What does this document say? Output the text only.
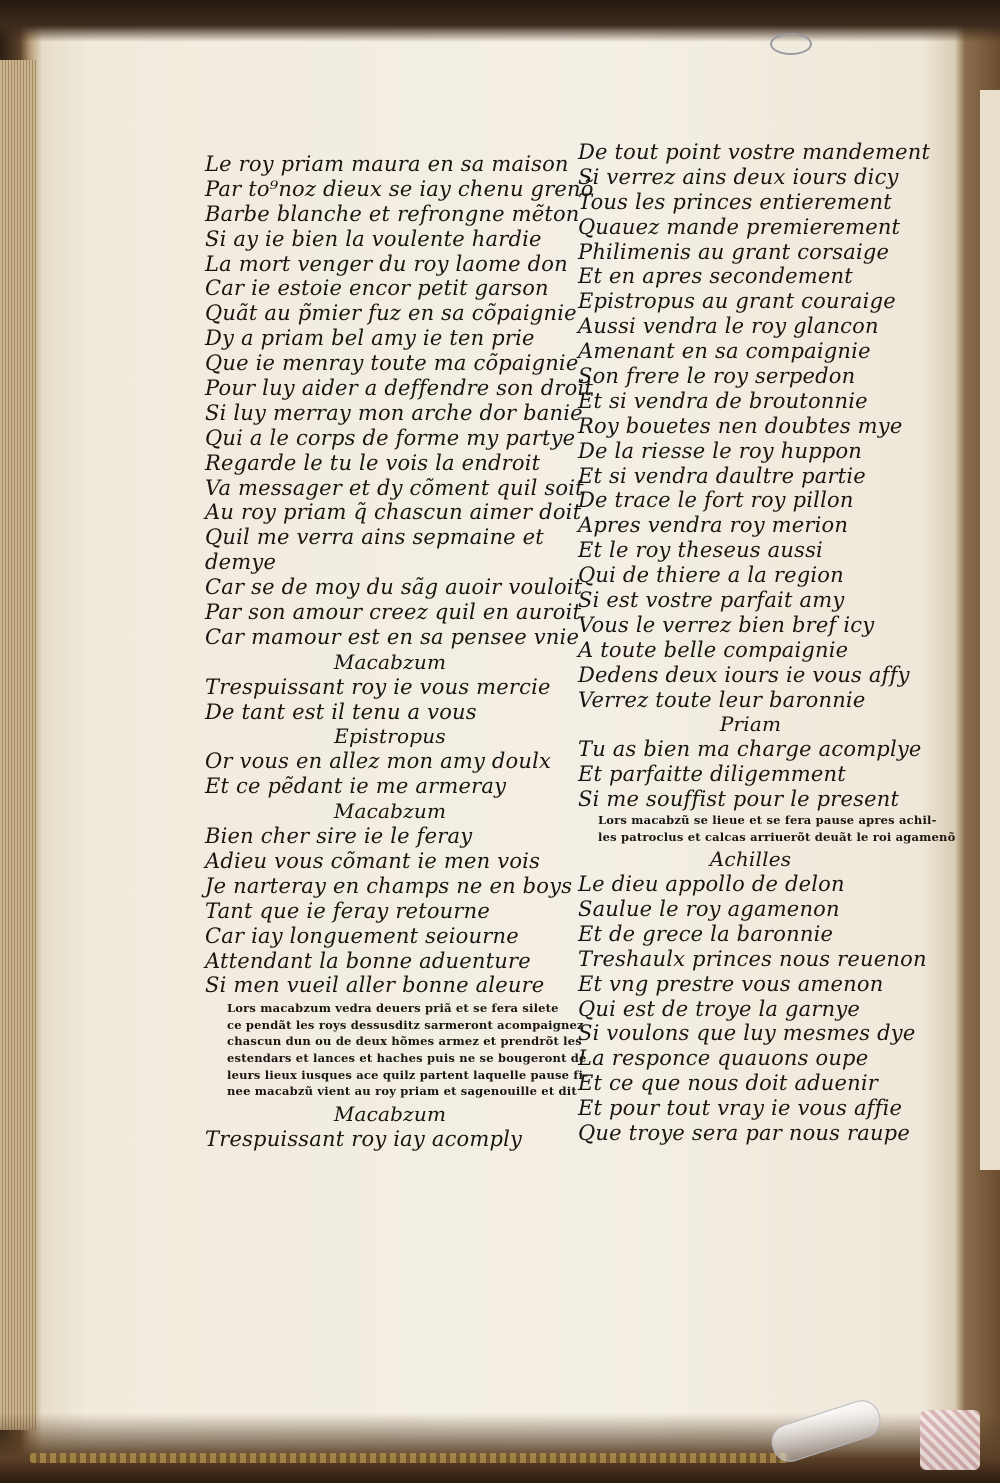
Le roy priam maura en sa maison
Par to⁹noz dieux se iay chenu grenõ
Barbe blanche et refrongne mẽton
Si ay ie bien la voulente hardie
La mort venger du roy laome don
Car ie estoie encor petit garson
Quãt au p̃mier fuz en sa cõpaignie
Dy a priam bel amy ie ten prie
Que ie menray toute ma cõpaignie
Pour luy aider a deffendre son droit
Si luy merray mon arche dor banie
Qui a le corps de forme my partye
Regarde le tu le vois la endroit
Va messager et dy cõment quil soit
Au roy priam q̃ chascun aimer doit
Quil me verra ains sepmaine et
demye
Car se de moy du sãg auoir vouloit
Par son amour creez quil en auroit
Car mamour est en sa pensee vnie
Macabzum
Trespuissant roy ie vous mercie
De tant est il tenu a vous
Epistropus
Or vous en allez mon amy doulx
Et ce pẽdant ie me armeray
Macabzum
Bien cher sire ie le feray
Adieu vous cõmant ie men vois
Je narteray en champs ne en boys
Tant que ie feray retourne
Car iay longuement seiourne
Attendant la bonne aduenture
Si men vueil aller bonne aleure
Lors macabzum vedra deuers priã et se fera silete
ce pendãt les roys dessusditz sarmeront acompaignez
chascun dun ou de deux hõmes armez et prendrõt les
estendars et lances et haches puis ne se bougeront de
leurs lieux iusques ace quilz partent laquelle pause fi-
nee macabzũ vient au roy priam et sagenouille et dit
Macabzum
Trespuissant roy iay acomply
De tout point vostre mandement
Si verrez ains deux iours dicy
Tous les princes entierement
Quauez mande premierement
Philimenis au grant corsaige
Et en apres secondement
Epistropus au grant couraige
Aussi vendra le roy glancon
Amenant en sa compaignie
Son frere le roy serpedon
Et si vendra de broutonnie
Roy bouetes nen doubtes mye
De la riesse le roy huppon
Et si vendra daultre partie
De trace le fort roy pillon
Apres vendra roy merion
Et le roy theseus aussi
Qui de thiere a la region
Si est vostre parfait amy
Vous le verrez bien bref icy
A toute belle compaignie
Dedens deux iours ie vous affy
Verrez toute leur baronnie
Priam
Tu as bien ma charge acomplye
Et parfaitte diligemment
Si me souffist pour le present
Lors macabzũ se lieue et se fera pause apres achil-
les patroclus et calcas arriuerõt deuãt le roi agamenõ
Achilles
Le dieu appollo de delon
Saulue le roy agamenon
Et de grece la baronnie
Treshaulx princes nous reuenon
Et vng prestre vous amenon
Qui est de troye la garnye
Si voulons que luy mesmes dye
La responce quauons oupe
Et ce que nous doit aduenir
Et pour tout vray ie vous affie
Que troye sera par nous raupe
